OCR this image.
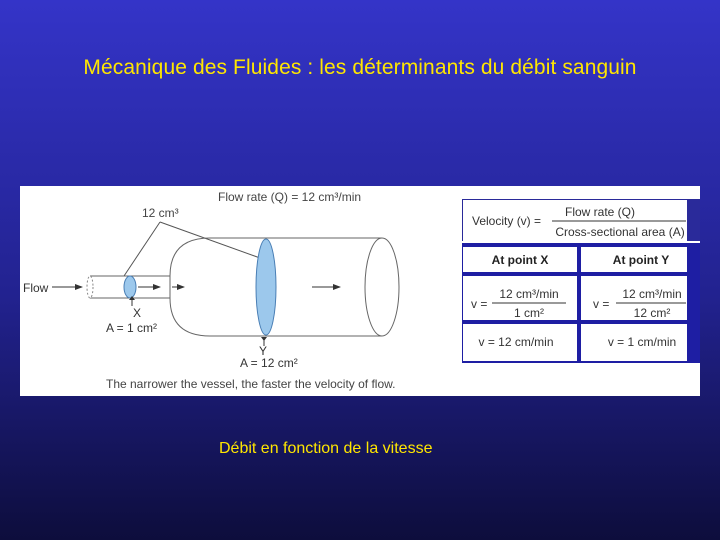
Mécanique des Fluides : les déterminants du débit sanguin
Flow rate (Q) = 12 cm³/min
12 cm³
Flow
X
A = 1 cm²
Y
A = 12 cm²
The narrower the vessel, the faster the velocity of flow.
Velocity (v) =
Flow rate (Q)
Cross-sectional area (A)
At point X	At point Y
v =
12 cm³/min
1 cm²
v =
12 cm³/min
12 cm²
v = 12 cm/min	v = 1 cm/min
Débit en fonction de la vitesse
